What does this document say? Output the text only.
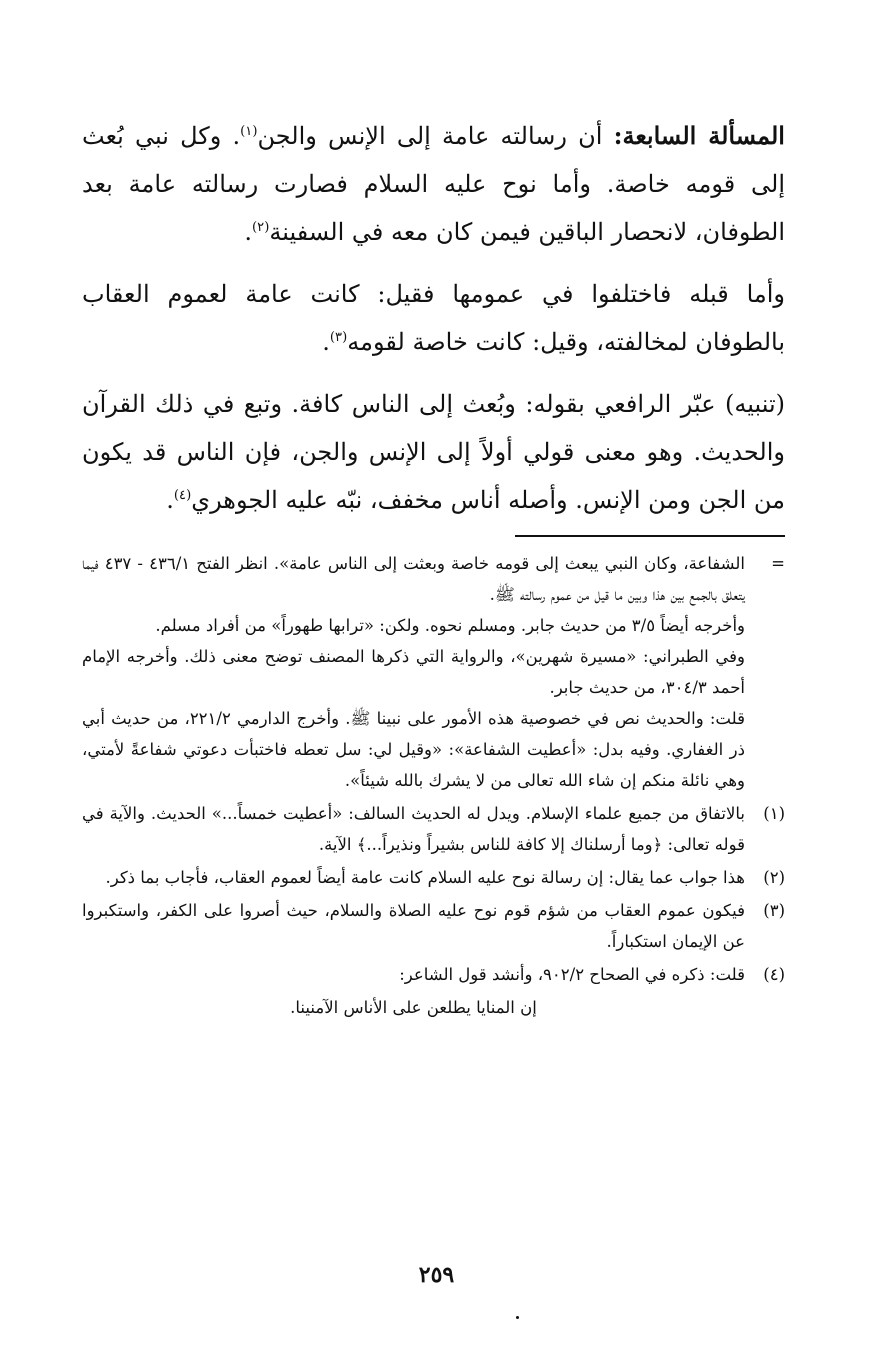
المسألة السابعة: أن رسالته عامة إلى الإنس والجن$^{(١)}$. وكل نبي بُعث إلى قومه خاصة. وأما نوح عليه السلام فصارت رسالته عامة بعد الطوفان، لانحصار الباقين فيمن كان معه في السفينة$^{(٢)}$.

وأما قبله فاختلفوا في عمومها فقيل: كانت عامة لعموم العقاب بالطوفان لمخالفته، وقيل: كانت خاصة لقومه$^{(٣)}$.

(تنبيه) عبّر الرافعي بقوله: وبُعث إلى الناس كافة. وتبع في ذلك القرآن والحديث. وهو معنى قولي أولاً إلى الإنس والجن، فإن الناس قد يكون من الجن ومن الإنس. وأصله أناس مخفف، نبّه عليه الجوهري$^{(٤)}$.

=
الشفاعة، وكان النبي يبعث إلى قومه خاصة وبعثت إلى الناس عامة». انظر الفتح ٤٣٦/١ - ٤٣٧ فيما يتعلق بالجمع بين هذا وبين ما قيل من عموم رسالته ﷺ.
وأخرجه أيضاً ٣/٥ من حديث جابر. ومسلم نحوه. ولكن: «ترابها طهوراً» من أفراد مسلم.
وفي الطبراني: «مسيرة شهرين»، والرواية التي ذكرها المصنف توضح معنى ذلك. وأخرجه الإمام أحمد ٣٠٤/٣، من حديث جابر.
قلت: والحديث نص في خصوصية هذه الأمور على نبينا ﷺ. وأخرج الدارمي ٢٢١/٢، من حديث أبي ذر الغفاري. وفيه بدل: «أعطيت الشفاعة»: «وقيل لي: سل تعطه فاختبأت دعوتي شفاعةً لأمتي، وهي نائلة منكم إن شاء الله تعالى من لا يشرك بالله شيئاً».
(١)
بالاتفاق من جميع علماء الإسلام. ويدل له الحديث السالف: «أعطيت خمساً...» الحديث. والآية في قوله تعالى: ﴿وما أرسلناك إلا كافة للناس بشيراً ونذيراً...﴾ الآية.
(٢)
هذا جواب عما يقال: إن رسالة نوح عليه السلام كانت عامة أيضاً لعموم العقاب، فأجاب بما ذكر.
(٣)
فيكون عموم العقاب من شؤم قوم نوح عليه الصلاة والسلام، حيث أصروا على الكفر، واستكبروا عن الإيمان استكباراً.
(٤)
قلت: ذكره في الصحاح ٩٠٢/٢، وأنشد قول الشاعر:
إن المنايا يطلعن على الأناس الآمنينا.
٢٥٩
